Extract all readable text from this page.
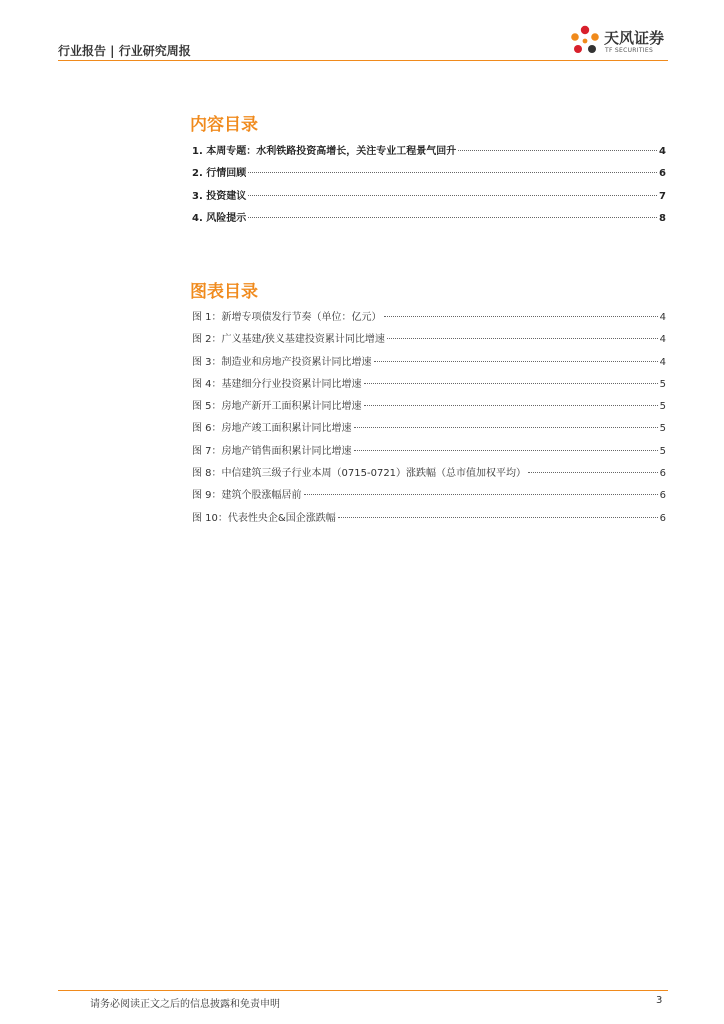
行业报告 | 行业研究周报
天风证券
TF SECURITIES
内容目录
1. 本周专题：水利铁路投资高增长，关注专业工程景气回升	4
2. 行情回顾	6
3. 投资建议	7
4. 风险提示	8
图表目录
图 1：新增专项债发行节奏（单位：亿元）	4
图 2：广义基建/狭义基建投资累计同比增速	4
图 3：制造业和房地产投资累计同比增速	4
图 4：基建细分行业投资累计同比增速	5
图 5：房地产新开工面积累计同比增速	5
图 6：房地产竣工面积累计同比增速	5
图 7：房地产销售面积累计同比增速	5
图 8：中信建筑三级子行业本周（0715-0721）涨跌幅（总市值加权平均）	6
图 9：建筑个股涨幅居前	6
图 10：代表性央企&国企涨跌幅	6
请务必阅读正文之后的信息披露和免责申明	3
